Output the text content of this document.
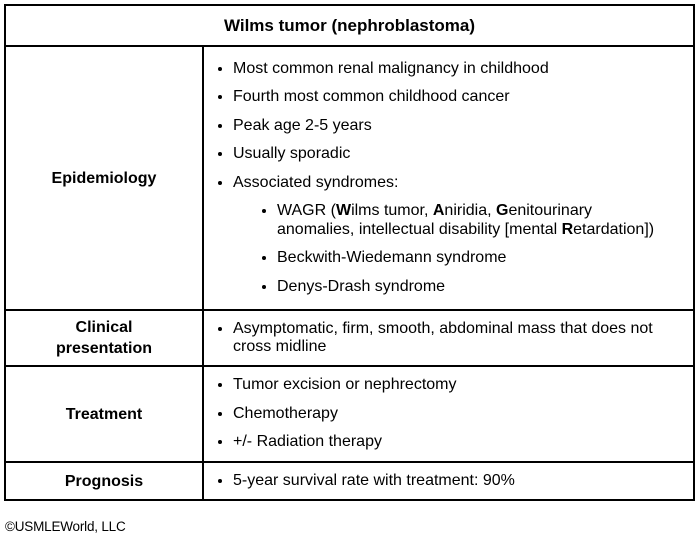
Wilms tumor (nephroblastoma)	
Epidemiology	
• Most common renal malignancy in childhood
• Fourth most common childhood cancer
• Peak age 2-5 years
• Usually sporadic
• Associated syndromes:
• WAGR (Wilms tumor, Aniridia, Genitourinary
anomalies, intellectual disability [mental Retardation])
• Beckwith-Wiedemann syndrome
• Denys-Drash syndrome

Clinical presentation	
• Asymptomatic, firm, smooth, abdominal mass that does not
cross midline

Treatment	
• Tumor excision or nephrectomy
• Chemotherapy
• +/- Radiation therapy

Prognosis	
•5-year survival rate with treatment: 90%
©USMLEWorld, LLC
